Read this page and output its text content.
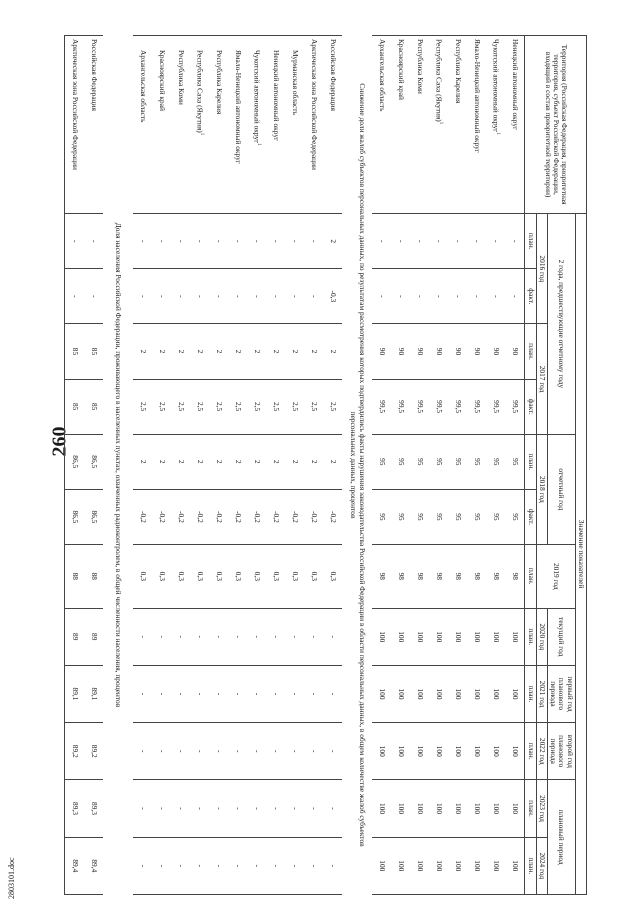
260
2803101.doc
Территория (Российская Федерация, приоритетная территория, субъект Российской Федерации, входящий в состав приоритетной территории)	Значение показателей											
	2 года, предшествующие отчетному году				отчетный год		2019 год	текущий год	первый год планового периода	второй год планового периода	плановый период	
	2016 год		2017 год		2018 год			2020 год	2021 год	2022 год	2023 год	2024 год
	план.	факт.	план.	факт.	план.	факт.	план.	план.	план.	план.	план.	план.
Ненецкий автономный округ	-	-	90	99,5	95	95	98	100	100	100	100	100
Чукотский автономный округ$^1$	-	-	90	99,5	95	95	98	100	100	100	100	100
Ямало-Ненецкий автономный округ	-	-	90	99,5	95	95	98	100	100	100	100	100
Республика Карелия	-	-	90	99,5	95	95	98	100	100	100	100	100
Республика Саха (Якутия)$^1$	-	-	90	99,5	95	95	98	100	100	100	100	100
Республика Коми	-	-	90	99,5	95	95	98	100	100	100	100	100
Красноярский край	-	-	90	99,5	95	95	98	100	100	100	100	100
Архангельская область	-	-	90	99,5	95	95	98	100	100	100	100	100
Снижение доли жалоб субъектов персональных данных, по результатам рассмотрения которых подтвердились факты нарушения законодательства Российской Федерации в области персональных данных, в общем количестве жалоб субъектов персональных данных, процентов												
Российская Федерация	2	-0,3	2	2,5	2	-0,2	0,3	-	-	-	-	-
Арктическая зона Российской Федерации	-	-	2	2,5	2	-0,2	0,3	-	-	-	-	-
Мурманская область	-	-	2	2,5	2	-0,2	0,3	-	-	-	-	-
Ненецкий автономный округ	-	-	2	2,5	2	-0,2	0,3	-	-	-	-	-
Чукотский автономный округ$^1$	-	-	2	2,5	2	-0,2	0,3	-	-	-	-	-
Ямало-Ненецкий автономный округ	-	-	2	2,5	2	-0,2	0,3	-	-	-	-	-
Республика Карелия	-	-	2	2,5	2	-0,2	0,3	-	-	-	-	-
Республика Саха (Якутия)$^1$	-	-	2	2,5	2	-0,2	0,3	-	-	-	-	-
Республика Коми	-	-	2	2,5	2	-0,2	0,3	-	-	-	-	-
Красноярский край	-	-	2	2,5	2	-0,2	0,3	-	-	-	-	-
Архангельская область	-	-	2	2,5	2	-0,2	0,3	-	-	-	-	-
Доля населения Российской Федерации, проживающего в населенных пунктах, охваченных радиоконтролем, в общей численности населения, процентов												
Российская Федерация	-	-	85	85	86,5	86,5	88	89	89,1	89,2	89,3	89,4
Арктическая зона Российской Федерации	-	-	85	85	86,5	86,5	88	89	89,1	89,2	89,3	89,4
